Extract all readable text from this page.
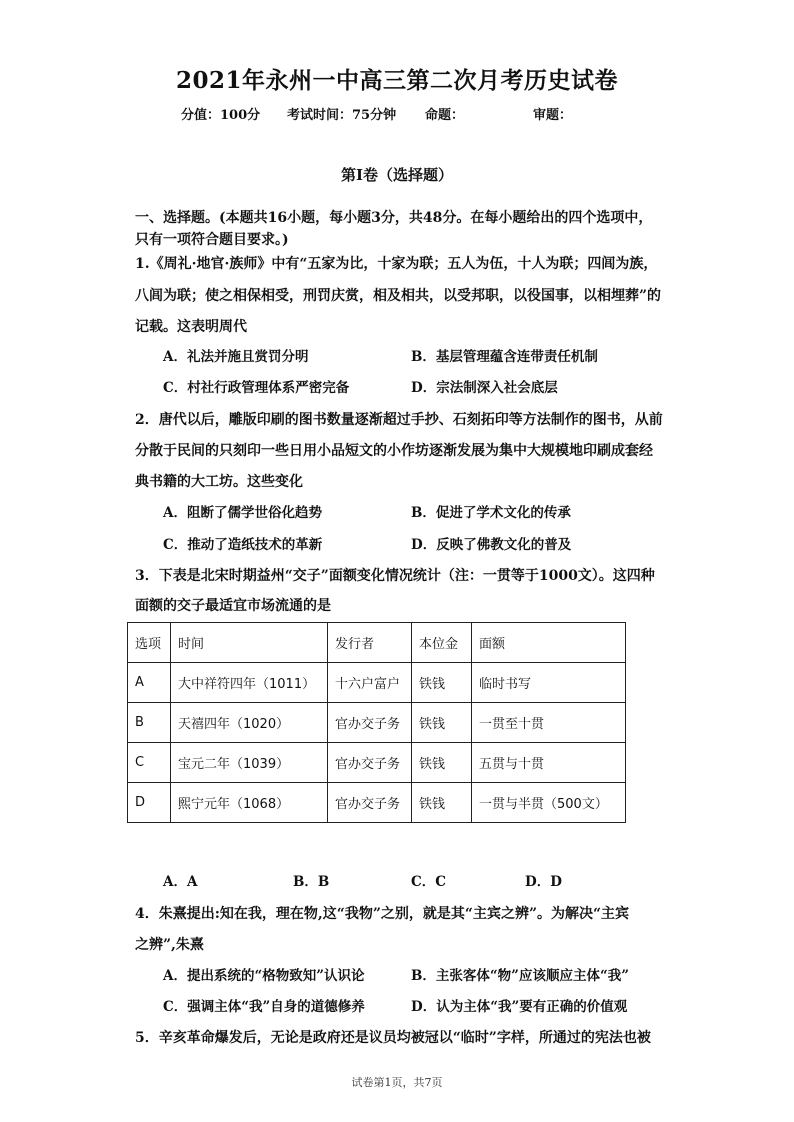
2021年永州一中高三第二次月考历史试卷
分值：100分	考试时间：75分钟	命题：	审题：
第I卷（选择题）
一、选择题。(本题共16小题，每小题3分，共48分。在每小题给出的四个选项中，
只有一项符合题目要求。)
1.《周礼·地官·族师》中有“五家为比，十家为联；五人为伍，十人为联；四闾为族，
八闾为联；使之相保相受，刑罚庆赏，相及相共，以受邦职，以役国事，以相埋葬”的
记载。这表明周代
A．礼法并施且赏罚分明	B．基层管理蕴含连带责任机制
C．村社行政管理体系严密完备	D．宗法制深入社会底层
2．唐代以后，雕版印刷的图书数量逐渐超过手抄、石刻拓印等方法制作的图书，从前
分散于民间的只刻印一些日用小品短文的小作坊逐渐发展为集中大规模地印刷成套经
典书籍的大工坊。这些变化
A．阻断了儒学世俗化趋势	B．促进了学术文化的传承
C．推动了造纸技术的革新	D．反映了佛教文化的普及
3．下表是北宋时期益州“交子”面额变化情况统计（注：一贯等于1000文）。这四种
面额的交子最适宜市场流通的是
选项	时间	发行者	本位金	面额
A	大中祥符四年（1011）	十六户富户	铁钱	临时书写
B	天禧四年（1020）	官办交子务	铁钱	一贯至十贯
C	宝元二年（1039）	官办交子务	铁钱	五贯与十贯
D	熙宁元年（1068）	官办交子务	铁钱	一贯与半贯（500文）
A．A	B．B	C．C	D．D
4．朱熹提出:知在我，理在物,这“我物”之别，就是其“主宾之辨”。为解决“主宾
之辨”,朱熹
A．提出系统的“格物致知”认识论	B．主张客体“物”应该顺应主体“我”
C．强调主体“我”自身的道德修养	D．认为主体“我”要有正确的价值观
5．辛亥革命爆发后，无论是政府还是议员均被冠以“临时”字样，所通过的宪法也被
试卷第1页，共7页
